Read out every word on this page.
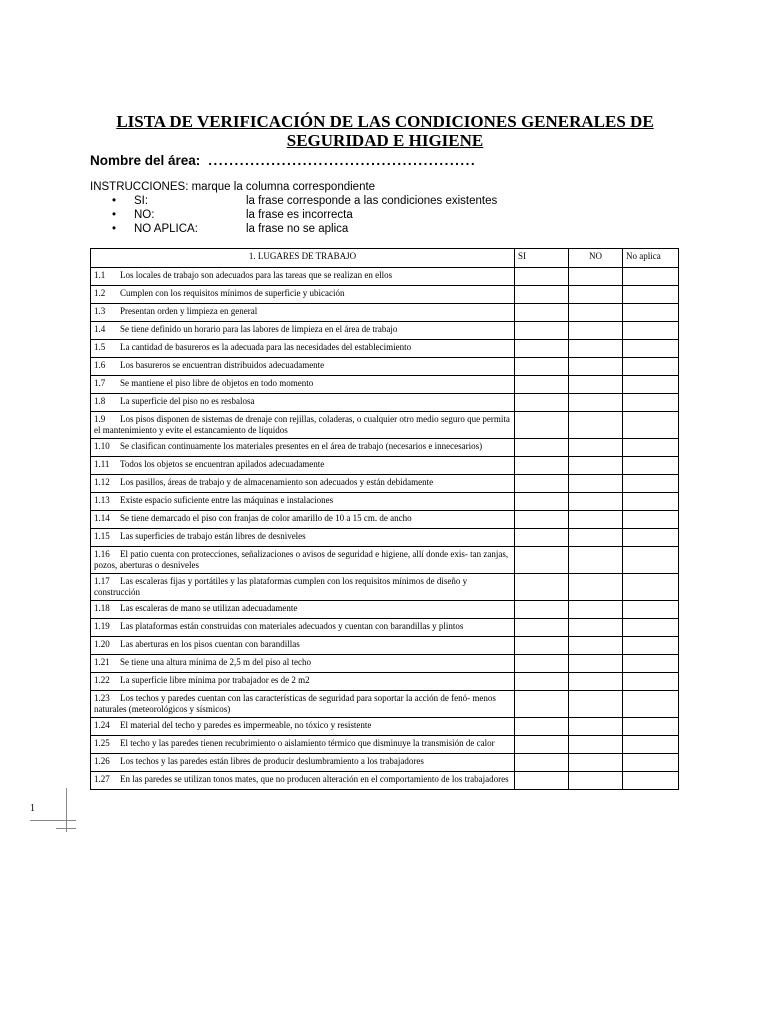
LISTA DE VERIFICACIÓN DE LAS CONDICIONES GENERALES DE SEGURIDAD E HIGIENE
Nombre del área: ...................................................
INSTRUCCIONES: marque la columna correspondiente
• SI:	la frase corresponde a las condiciones existentes
• NO:	la frase es incorrecta
• NO APLICA:	la frase no se aplica
1. LUGARES DE TRABAJO	SI	NO	No aplica
1.1 Los locales de trabajo son adecuados para las tareas que se realizan en ellos			
1.2 Cumplen con los requisitos mínimos de superficie y ubicación			
1.3 Presentan orden y limpieza en general			
1.4 Se tiene definido un horario para las labores de limpieza en el área de trabajo			
1.5 La cantidad de basureros es la adecuada para las necesidades del establecimiento			
1.6 Los basureros se encuentran distribuidos adecuadamente			
1.7 Se mantiene el piso libre de objetos en todo momento			
1.8 La superficie del piso no es resbalosa			
1.9 Los pisos disponen de sistemas de drenaje con rejillas, coladeras, o cualquier otro medio seguro que permita el mantenimiento y evite el estancamiento de líquidos			
1.10 Se clasifican continuamente los materiales presentes en el área de trabajo (necesarios e innecesarios)			
1.11 Todos los objetos se encuentran apilados adecuadamente			
1.12 Los pasillos, áreas de trabajo y de almacenamiento son adecuados y están debidamente			
1.13 Existe espacio suficiente entre las máquinas e instalaciones			
1.14 Se tiene demarcado el piso con franjas de color amarillo de 10 a 15 cm. de ancho			
1.15 Las superficies de trabajo están libres de desniveles			
1.16 El patio cuenta con protecciones, señalizaciones o avisos de seguridad e higiene, allí donde exis- tan zanjas, pozos, aberturas o desniveles			
1.17 Las escaleras fijas y portátiles y las plataformas cumplen con los requisitos mínimos de diseño y construcción			
1.18 Las escaleras de mano se utilizan adecuadamente			
1.19 Las plataformas están construidas con materiales adecuados y cuentan con barandillas y plintos			
1.20 Las aberturas en los pisos cuentan con barandillas			
1.21 Se tiene una altura mínima de 2,5 m del piso al techo			
1.22 La superficie libre mínima por trabajador es de 2 m2			
1.23 Los techos y paredes cuentan con las características de seguridad para soportar la acción de fenó- menos naturales (meteorológicos y sísmicos)			
1.24 El material del techo y paredes es impermeable, no tóxico y resistente			
1.25 El techo y las paredes tienen recubrimiento o aislamiento térmico que disminuye la transmisión de calor			
1.26 Los techos y las paredes están libres de producir deslumbramiento a los trabajadores			
1.27 En las paredes se utilizan tonos mates, que no producen alteración en el comportamiento de los trabajadores			
1
